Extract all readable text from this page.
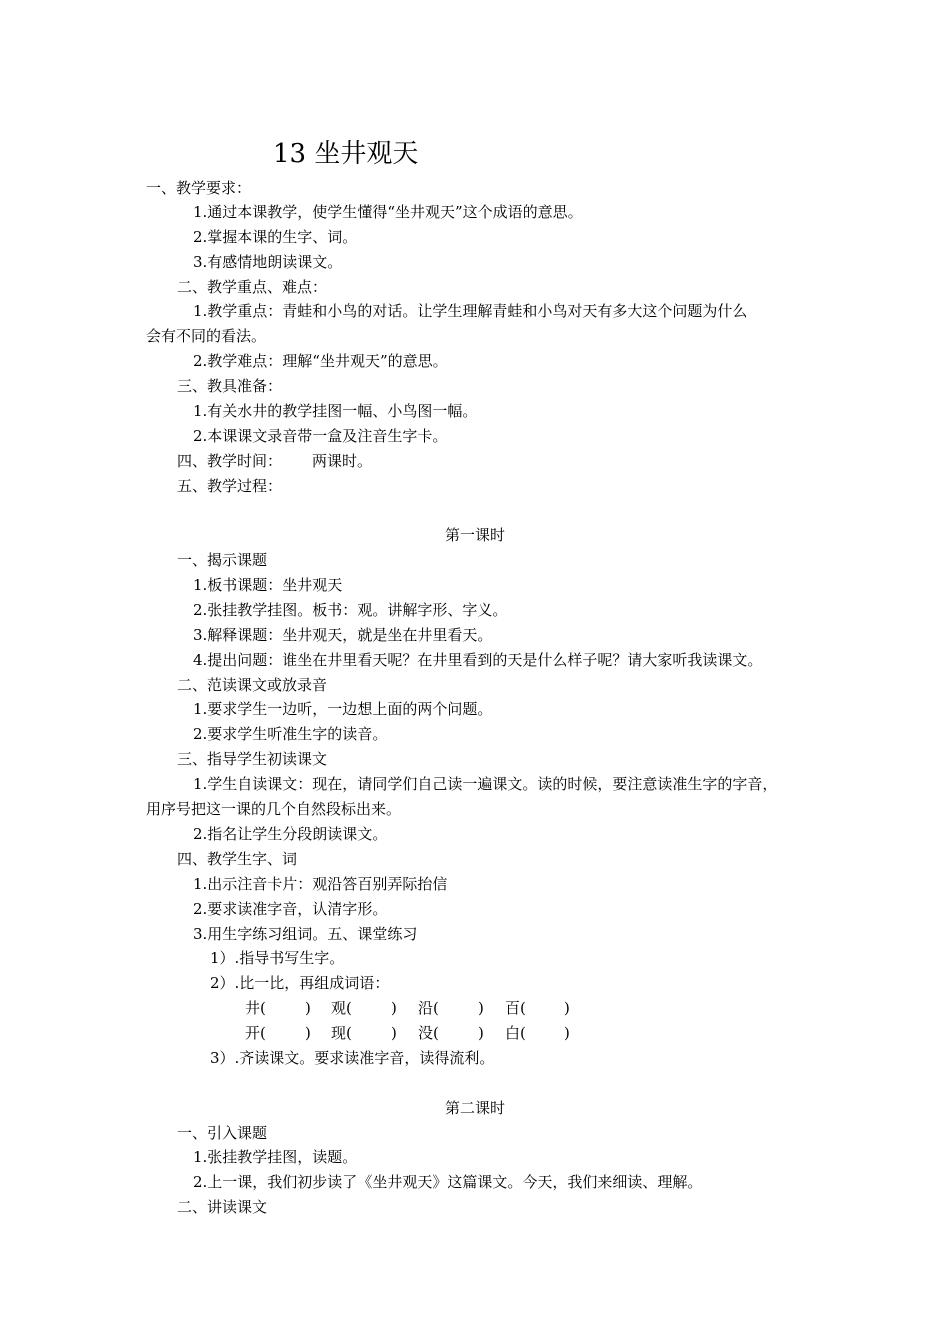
13 坐井观天
一、教学要求：
1.通过本课教学，使学生懂得“坐井观天”这个成语的意思。
2.掌握本课的生字、词。
3.有感情地朗读课文。
二、教学重点、难点：
1.教学重点：青蛙和小鸟的对话。让学生理解青蛙和小鸟对天有多大这个问题为什么
会有不同的看法。
2.教学难点：理解“坐井观天”的意思。
三、教具准备：
1.有关水井的教学挂图一幅、小鸟图一幅。
2.本课课文录音带一盒及注音生字卡。
四、教学时间： 两课时。
五、教学过程：
第一课时
一、揭示课题
1.板书课题：坐井观天
2.张挂教学挂图。板书：观。讲解字形、字义。
3.解释课题：坐井观天，就是坐在井里看天。
4.提出问题：谁坐在井里看天呢？在井里看到的天是什么样子呢？请大家听我读课文。
二、范读课文或放录音
1.要求学生一边听，一边想上面的两个问题。
2.要求学生听准生字的读音。
三、指导学生初读课文
1.学生自读课文：现在，请同学们自己读一遍课文。读的时候，要注意读准生字的字音，
用序号把这一课的几个自然段标出来。
2.指名让学生分段朗读课文。
四、教学生字、词
1.出示注音卡片：观沿答百别弄际抬信
2.要求读准字音，认清字形。
3.用生字练习组词。五、课堂练习
1）.指导书写生字。
2）.比一比，再组成词语：
井(	) 观(	) 沿(	) 百(	)
开(	) 现(	) 没(	) 白(	)
3）.齐读课文。要求读准字音，读得流利。
第二课时
一、引入课题
1.张挂教学挂图，读题。
2.上一课，我们初步读了《坐井观天》这篇课文。今天，我们来细读、理解。
二、讲读课文
